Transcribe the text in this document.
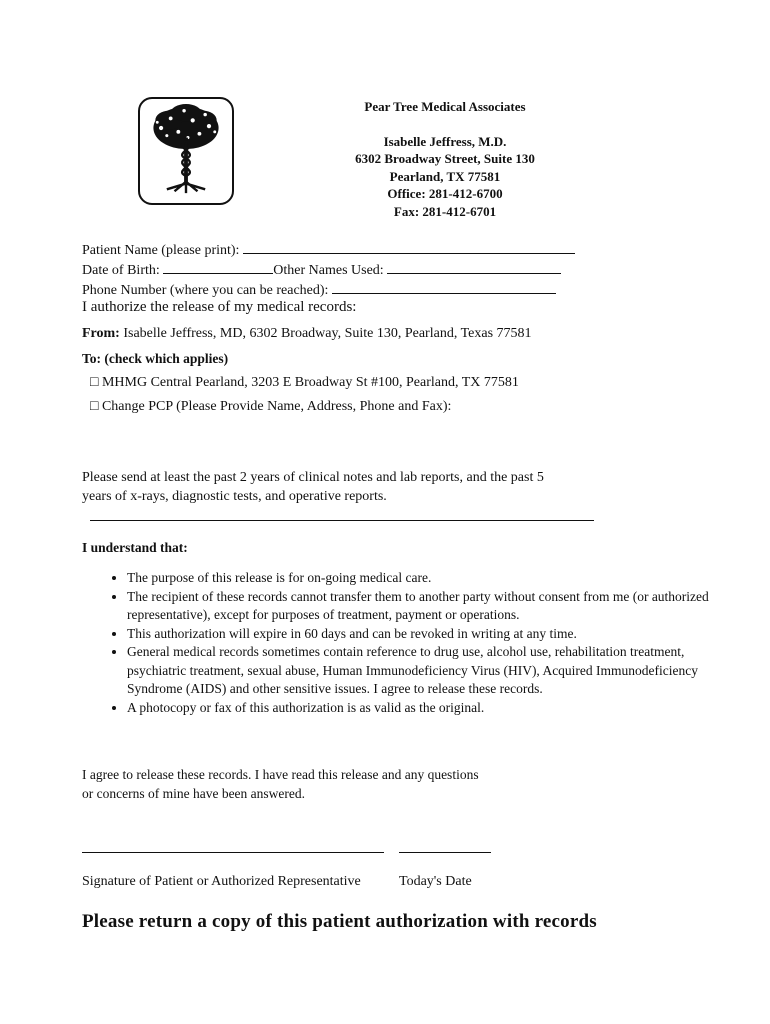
Pear Tree Medical Associates
Isabelle Jeffress, M.D.
6302 Broadway Street, Suite 130
Pearland, TX 77581
Office: 281-412-6700
Fax: 281-412-6701
Patient Name (please print):
Date of Birth:	Other Names Used:
Phone Number (where you can be reached):
I authorize the release of my medical records:
From: Isabelle Jeffress, MD, 6302 Broadway, Suite 130, Pearland, Texas 77581
To: (check which applies)
□ MHMG Central Pearland, 3203 E Broadway St #100, Pearland, TX 77581
□ Change PCP (Please Provide Name, Address, Phone and Fax):
Please send at least the past 2 years of clinical notes and lab reports, and the past 5
years of x-rays, diagnostic tests, and operative reports.
I understand that:
• The purpose of this release is for on-going medical care.
• The recipient of these records cannot transfer them to another party without consent from me (or authorized representative), except for purposes of treatment, payment or operations.
• This authorization will expire in 60 days and can be revoked in writing at any time.
• General medical records sometimes contain reference to drug use, alcohol use, rehabilitation treatment, psychiatric treatment, sexual abuse, Human Immunodeficiency Virus (HIV), Acquired Immunodeficiency Syndrome (AIDS) and other sensitive issues. I agree to release these records.
• A photocopy or fax of this authorization is as valid as the original.
I agree to release these records. I have read this release and any questions
or concerns of mine have been answered.
Signature of Patient or Authorized Representative	Today's Date
Please return a copy of this patient authorization with records
